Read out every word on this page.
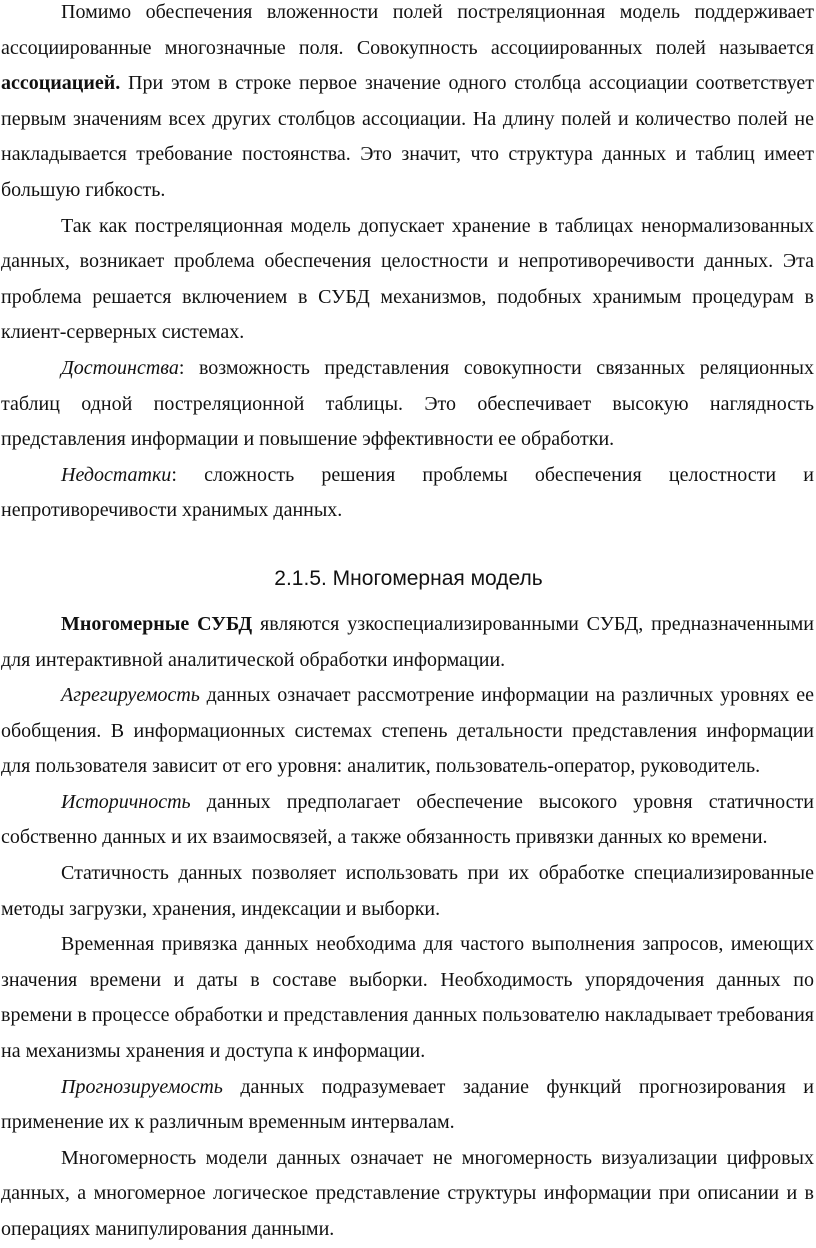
Помимо обеспечения вложенности полей постреляционная модель поддерживает ассоциированные многозначные поля. Совокупность ассоциированных полей называется ассоциацией. При этом в строке первое значение одного столбца ассоциации соответствует первым значениям всех других столбцов ассоциации. На длину полей и количество полей не накладывается требование постоянства. Это значит, что структура данных и таблиц имеет большую гибкость.

Так как постреляционная модель допускает хранение в таблицах ненормализованных данных, возникает проблема обеспечения целостности и непротиворечивости данных. Эта проблема решается включением в СУБД механизмов, подобных хранимым процедурам в клиент-серверных системах.

Достоинства: возможность представления совокупности связанных реляционных таблиц одной постреляционной таблицы. Это обеспечивает высокую наглядность представления информации и повышение эффективности ее обработки.

Недостатки: сложность решения проблемы обеспечения целостности и непротиворечивости хранимых данных.

2.1.5. Многомерная модель

Многомерные СУБД являются узкоспециализированными СУБД, предназначенными для интерактивной аналитической обработки информации.

Агрегируемость данных означает рассмотрение информации на различных уровнях ее обобщения. В информационных системах степень детальности представления информации для пользователя зависит от его уровня: аналитик, пользователь-оператор, руководитель.

Историчность данных предполагает обеспечение высокого уровня статичности собственно данных и их взаимосвязей, а также обязанность привязки данных ко времени.

Статичность данных позволяет использовать при их обработке специализированные методы загрузки, хранения, индексации и выборки.

Временная привязка данных необходима для частого выполнения запросов, имеющих значения времени и даты в составе выборки. Необходимость упорядочения данных по времени в процессе обработки и представления данных пользователю накладывает требования на механизмы хранения и доступа к информации.

Прогнозируемость данных подразумевает задание функций прогнозирования и применение их к различным временным интервалам.

Многомерность модели данных означает не многомерность визуализации цифровых данных, а многомерное логическое представление структуры информации при описании и в операциях манипулирования данными.
